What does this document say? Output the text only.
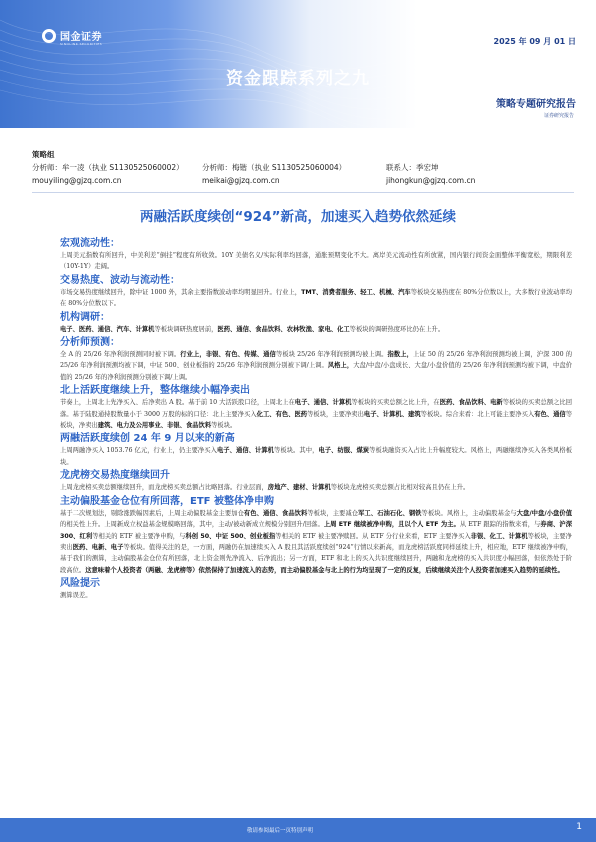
国金证券
SINOLINK SECURITIES	2025 年 09 月 01 日
资金跟踪系列之九
策略专题研究报告
证券研究报告
策略组
分析师：牟一凌（执业 S1130525060002）
mouyiling@gjzq.com.cn
分析师：梅锴（执业 S1130525060004）
meikai@gjzq.com.cn
联系人：季宏坤
jihongkun@gjzq.com.cn
两融活跃度续创“924”新高，加速买入趋势依然延续
宏观流动性：

上周美元指数有所回升，中美利差“倒挂”程度有所收敛。10Y 美债名义/实际利率均回落，通胀预期变化不大。离岸美元流动性有所放紧，国内银行间资金面整体平衡宽松，期限利差（10Y-1Y）走阔。

交易热度、波动与流动性：

市场交易热度继续回升，除中证 1000 外，其余主要指数波动率均明显回升。行业上，TMT、消费者服务、轻工、机械、汽车等板块交易热度在 80%分位数以上，大多数行业波动率均在 80%分位数以下。

机构调研：

电子、医药、通信、汽车、计算机等板块调研热度居前，医药、通信、食品饮料、农林牧渔、家电、化工等板块的调研热度环比仍在上升。

分析师预测：

全 A 的 25/26 年净利润预测同时被下调。行业上，非银、有色、传媒、通信等板块 25/26 年净利润预测均被上调。指数上，上证 50 的 25/26 年净利润预测均被上调，沪深 300 的 25/26 年净利润预测均被下调，中证 500、创业板指的 25/26 年净利润预测分别被下调/上调。风格上，大盘/中盘/小盘成长、大盘/小盘价值的 25/26 年净利润预测均被下调，中盘价值的 25/26 年的净利润预测分别被下调/上调。

北上活跃度继续上升，整体继续小幅净卖出

节奏上，上周北上先净买入、后净卖出 A 股。基于前 10 大活跃股口径，上周北上在电子、通信、计算机等板块的买卖总额之比上升，在医药、食品饮料、电新等板块的买卖总额之比回落。基于陆股通持股数量小于 3000 万股的标的口径：北上主要净买入化工、有色、医药等板块，主要净卖出电子、计算机、建筑等板块。综合来看：北上可能主要净买入有色、通信等板块，净卖出建筑、电力及公用事业、非银、食品饮料等板块。

两融活跃度续创 24 年 9 月以来的新高

上周两融净买入 1053.76 亿元，行业上，仍主要净买入电子、通信、计算机等板块。其中，电子、纺服、煤炭等板块融资买入占比上升幅度较大。风格上，两融继续净买入各类风格板块。

龙虎榜交易热度继续回升

上周龙虎榜买卖总额继续回升，而龙虎榜买卖总额占比略回落。行业层面，房地产、建材、计算机等板块龙虎榜买卖总额占比相对较高且仍在上升。

主动偏股基金仓位有所回落，ETF 被整体净申购

基于二次规划法，剔除涨跌幅因素后，上周主动偏股基金主要加仓有色、通信、食品饮料等板块，主要减仓军工、石油石化、钢铁等板块。风格上，主动偏股基金与大盘/中盘/小盘价值的相关性上升。上周新成立权益基金规模略回落，其中，主动/被动新成立规模分别回升/回落。上周 ETF 继续被净申购，且以个人 ETF 为主。从 ETF 跟踪的指数来看，与券商、沪深 300、红利等相关的 ETF 被主要净申购，与科创 50、中证 500、创业板指等相关的 ETF 被主要净赎回。从 ETF 分行业来看，ETF 主要净买入非银、化工、计算机等板块，主要净卖出医药、电新、电子等板块。值得关注的是，一方面，两融仍在加速续买入 A 股且其活跃度续创“924”行情以来新高，而龙虎榜活跃度同样延续上升，相应地，ETF 继续被净申购，基于我们的测算，主动偏股基金仓位有所回落，北上资金则先净流入、后净流出；另一方面，ETF 和北上的买入共识度继续回升，两融和龙虎榜的买入共识度小幅回落，但依然处于阶段高位。这意味着个人投资者（两融、龙虎榜等）依然保持了加速流入的态势，而主动偏股基金与北上的行为均呈现了一定的反复，后续继续关注个人投资者加速买入趋势的延续性。

风险提示

测算误差。

敬请参阅最后一页特别声明	1
